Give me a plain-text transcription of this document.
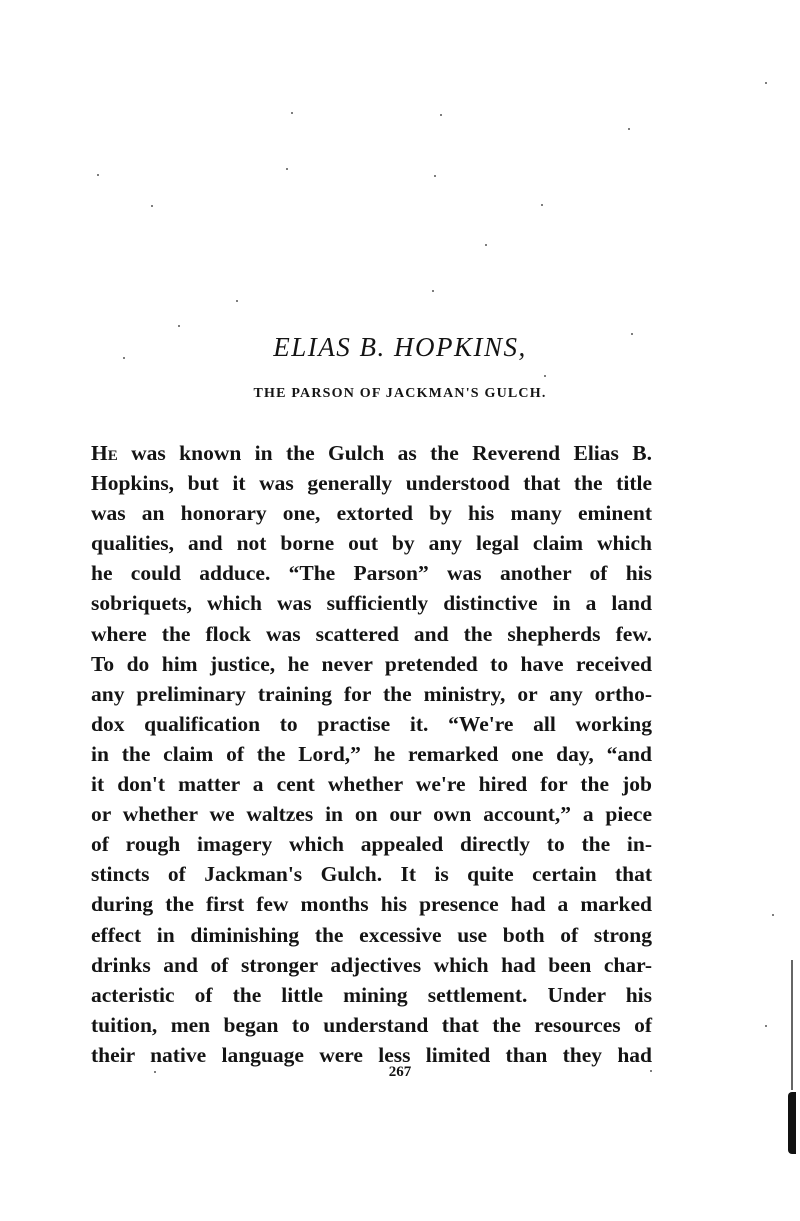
ELIAS B. HOPKINS,
THE PARSON OF JACKMAN'S GULCH.
He was known in the Gulch as the Reverend Elias B.
Hopkins, but it was generally understood that the title
was an honorary one, extorted by his many eminent
qualities, and not borne out by any legal claim which
he could adduce. “The Parson” was another of his
sobriquets, which was sufficiently distinctive in a land
where the flock was scattered and the shepherds few.
To do him justice, he never pretended to have received
any preliminary training for the ministry, or any ortho-
dox qualification to practise it. “We're all working
in the claim of the Lord,” he remarked one day, “and
it don't matter a cent whether we're hired for the job
or whether we waltzes in on our own account,” a piece
of rough imagery which appealed directly to the in-
stincts of Jackman's Gulch. It is quite certain that
during the first few months his presence had a marked
effect in diminishing the excessive use both of strong
drinks and of stronger adjectives which had been char-
acteristic of the little mining settlement. Under his
tuition, men began to understand that the resources of
their native language were less limited than they had
267
